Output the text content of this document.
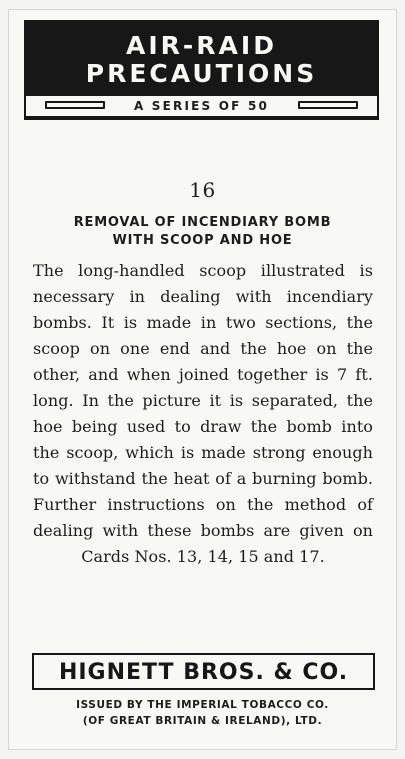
AIR-RAID
PRECAUTIONS
A SERIES OF 50
16
REMOVAL OF INCENDIARY BOMB
WITH SCOOP AND HOE

The long-handled scoop illustrated is necessary in dealing with incendiary bombs. It is made in two sections, the scoop on one end and the hoe on the other, and when joined together is 7 ft. long. In the picture it is separated, the hoe being used to draw the bomb into the scoop, which is made strong enough to withstand the heat of a burning bomb. Further instructions on the method of dealing with these bombs are given on Cards Nos. 13, 14, 15 and 17.

HIGNETT BROS. & CO.
ISSUED BY THE IMPERIAL TOBACCO CO.
(OF GREAT BRITAIN & IRELAND), LTD.
